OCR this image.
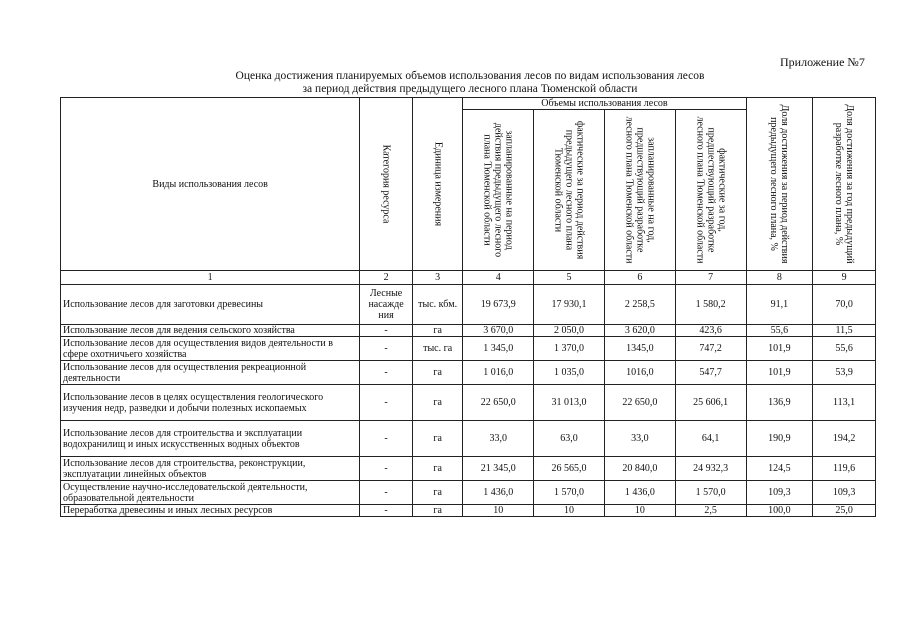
Приложение №7
Оценка достижения планируемых объемов использования лесов по видам использования лесов
за период действия предыдущего лесного плана Тюменской области
Виды использования лесов	Категория ресурса	Единица измерения	Объемы использования лесов				Доля достижения за период действия предыдущего лесного плана, %	Доля достижения за год предыдущий разработке лесного плана, %

			запланированные на период действия предыдущего лесного плана Тюменской области	фактические за период действия предыдущего лесного плана Тюменской области	запланированные на год, предшествующий разработке лесного плана Тюменской области	фактические за год, предшествующий разработке лесного плана Тюменской области		

1	2	3	4	5	6	7	8	9
Использование лесов для заготовки древесины	Лесные насажде ния	тыс. кбм.	19 673,9	17 930,1	2 258,5	1 580,2	91,1	70,0
Использование лесов для ведения сельского хозяйства	-	га	3 670,0	2 050,0	3 620,0	423,6	55,6	11,5
Использование лесов для осуществления видов деятельности в сфере охотничьего хозяйства	-	тыс. га	1 345,0	1 370,0	1345,0	747,2	101,9	55,6
Использование лесов для осуществления рекреационной деятельности	-	га	1 016,0	1 035,0	1016,0	547,7	101,9	53,9
Использование лесов в целях осуществления геологического изучения недр, разведки и добычи полезных ископаемых	-	га	22 650,0	31 013,0	22 650,0	25 606,1	136,9	113,1
Использование лесов для строительства и эксплуатации водохранилищ и иных искусственных водных объектов	-	га	33,0	63,0	33,0	64,1	190,9	194,2
Использование лесов для строительства, реконструкции, эксплуатации линейных объектов	-	га	21 345,0	26 565,0	20 840,0	24 932,3	124,5	119,6
Осуществление научно-исследовательской деятельности, образовательной деятельности	-	га	1 436,0	1 570,0	1 436,0	1 570,0	109,3	109,3
Переработка древесины и иных лесных ресурсов	-	га	10	10	10	2,5	100,0	25,0
